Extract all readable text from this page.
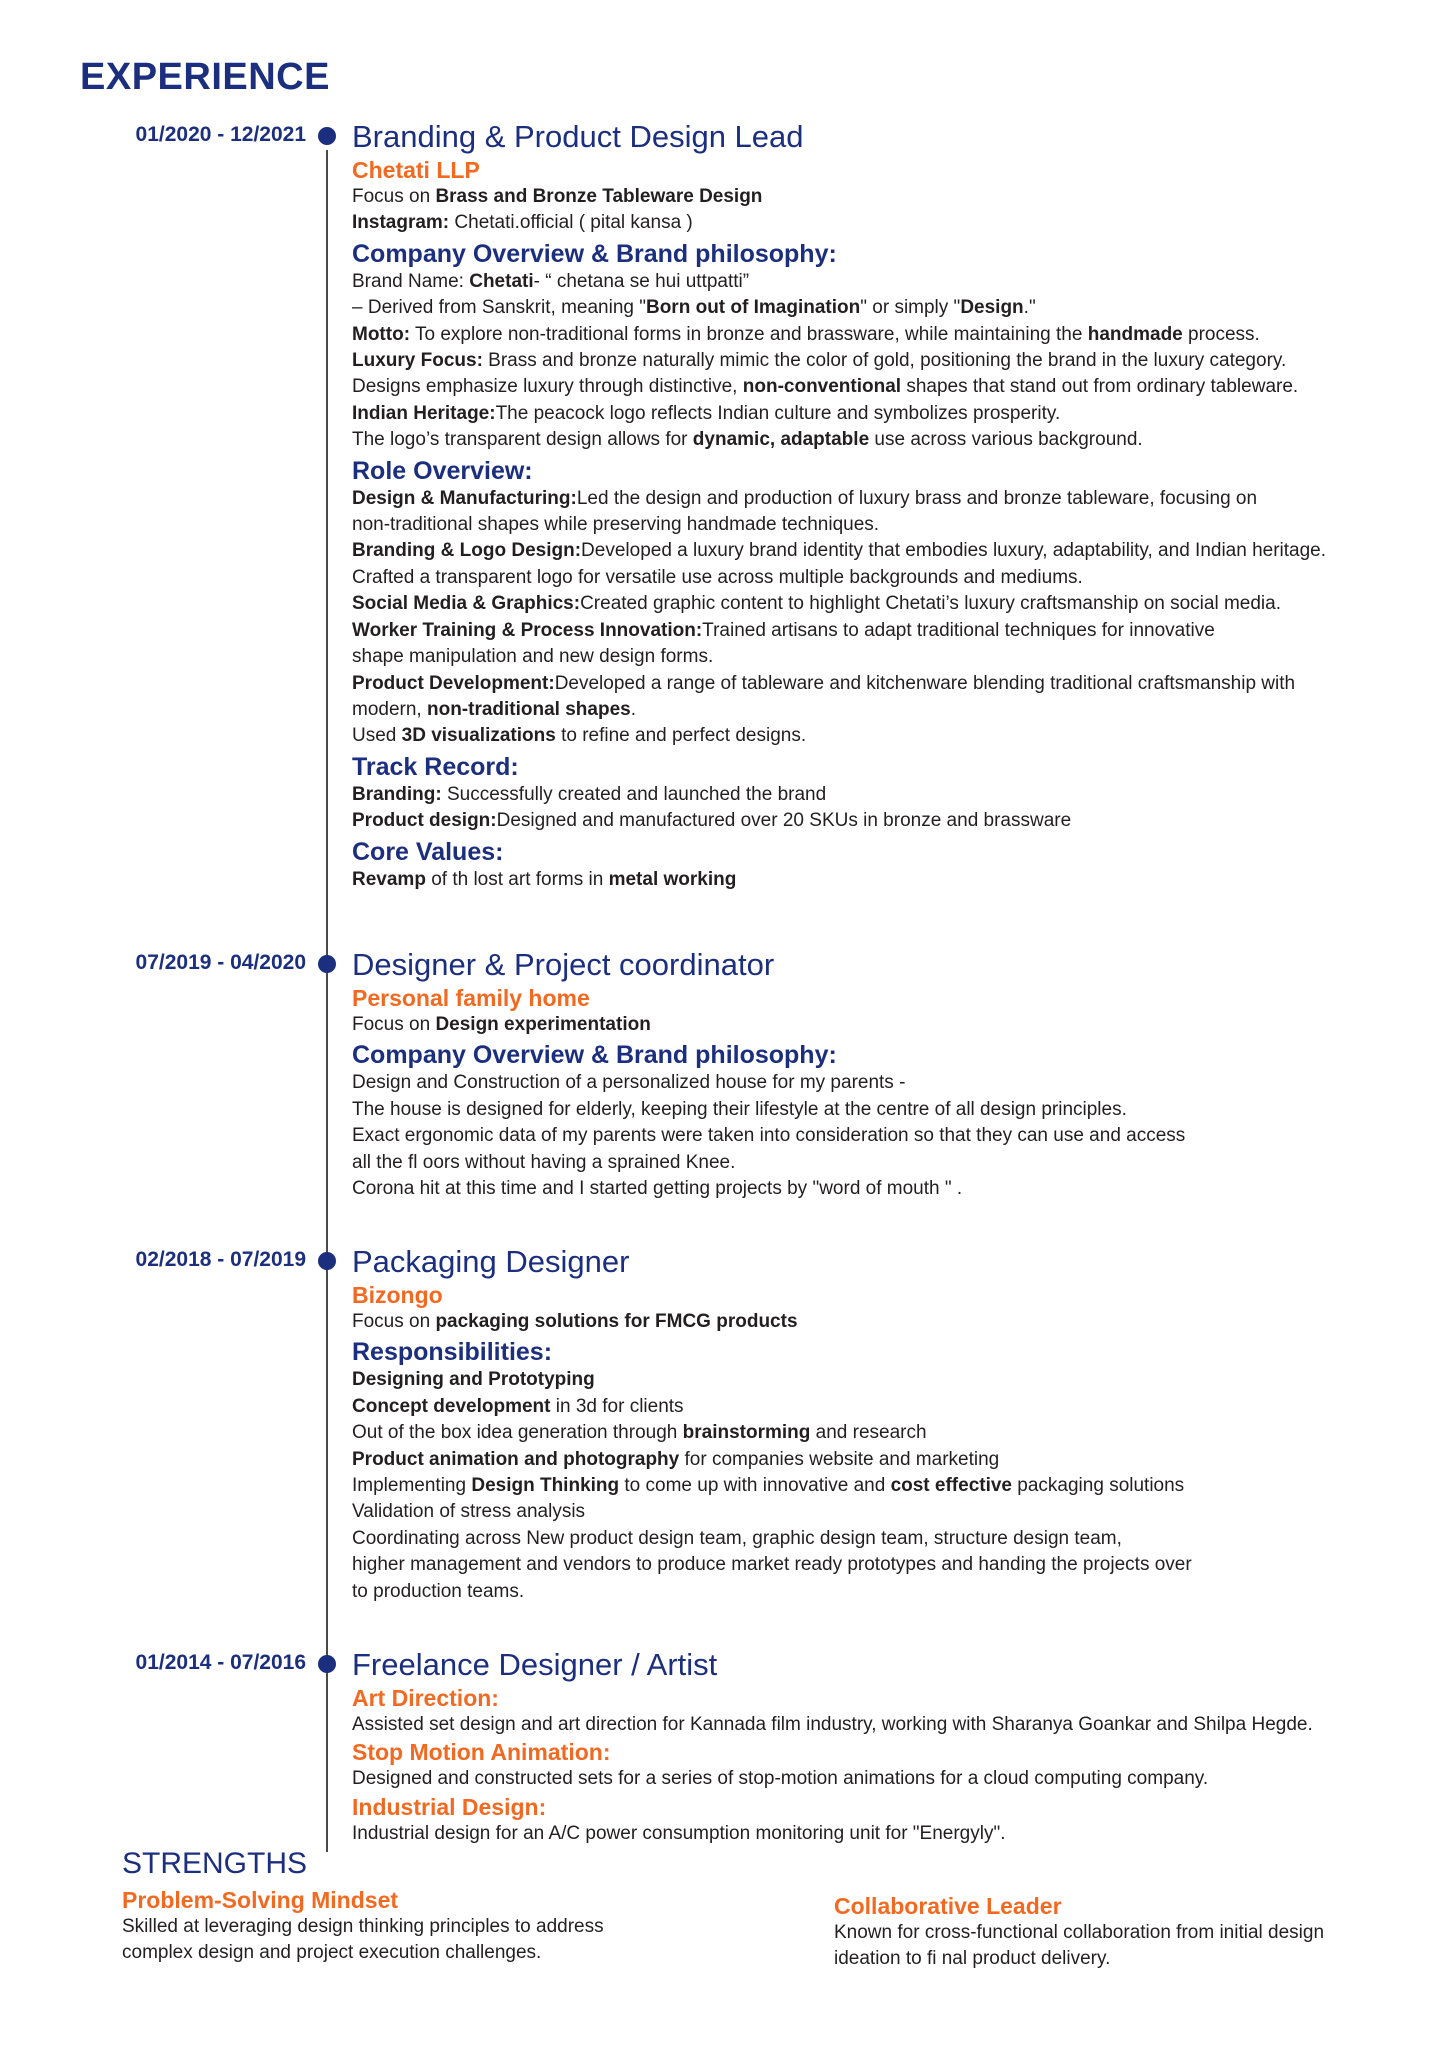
EXPERIENCE
01/2020 - 12/2021 Branding & Product Design Lead
Chetati LLP
Focus on Brass and Bronze Tableware Design
Instagram: Chetati.official ( pital kansa )
Company Overview & Brand philosophy:
Brand Name: Chetati- “ chetana se hui uttpatti”
– Derived from Sanskrit, meaning "Born out of Imagination" or simply "Design."
Motto: To explore non-traditional forms in bronze and brassware, while maintaining the handmade process.
Luxury Focus: Brass and bronze naturally mimic the color of gold, positioning the brand in the luxury category.
Designs emphasize luxury through distinctive, non-conventional shapes that stand out from ordinary tableware.
Indian Heritage:The peacock logo reflects Indian culture and symbolizes prosperity.
The logo’s transparent design allows for dynamic, adaptable use across various background.
Role Overview:
Design & Manufacturing:Led the design and production of luxury brass and bronze tableware, focusing on
non-traditional shapes while preserving handmade techniques.
Branding & Logo Design:Developed a luxury brand identity that embodies luxury, adaptability, and Indian heritage.
Crafted a transparent logo for versatile use across multiple backgrounds and mediums.
Social Media & Graphics:Created graphic content to highlight Chetati’s luxury craftsmanship on social media.
Worker Training & Process Innovation:Trained artisans to adapt traditional techniques for innovative
shape manipulation and new design forms.
Product Development:Developed a range of tableware and kitchenware blending traditional craftsmanship with
modern, non-traditional shapes.
Used 3D visualizations to refine and perfect designs.
Track Record:
Branding: Successfully created and launched the brand
Product design:Designed and manufactured over 20 SKUs in bronze and brassware
Core Values:
Revamp of th lost art forms in metal working
07/2019 - 04/2020 Designer & Project coordinator
Personal family home
Focus on Design experimentation
Company Overview & Brand philosophy:
Design and Construction of a personalized house for my parents -
The house is designed for elderly, keeping their lifestyle at the centre of all design principles.
Exact ergonomic data of my parents were taken into consideration so that they can use and access
all the fl oors without having a sprained Knee.
Corona hit at this time and I started getting projects by "word of mouth " .
02/2018 - 07/2019 Packaging Designer
Bizongo
Focus on packaging solutions for FMCG products
Responsibilities:
Designing and Prototyping
Concept development in 3d for clients
Out of the box idea generation through brainstorming and research
Product animation and photography for companies website and marketing
Implementing Design Thinking to come up with innovative and cost effective packaging solutions
Validation of stress analysis
Coordinating across New product design team, graphic design team, structure design team,
higher management and vendors to produce market ready prototypes and handing the projects over
to production teams.
01/2014 - 07/2016 Freelance Designer / Artist
Art Direction:
Assisted set design and art direction for Kannada film industry, working with Sharanya Goankar and Shilpa Hegde.
Stop Motion Animation:
Designed and constructed sets for a series of stop-motion animations for a cloud computing company.
Industrial Design:
Industrial design for an A/C power consumption monitoring unit for "Energyly".
STRENGTHS
Problem-Solving Mindset
Skilled at leveraging design thinking principles to address
complex design and project execution challenges.
Collaborative Leader
Known for cross-functional collaboration from initial design
ideation to fi nal product delivery.
